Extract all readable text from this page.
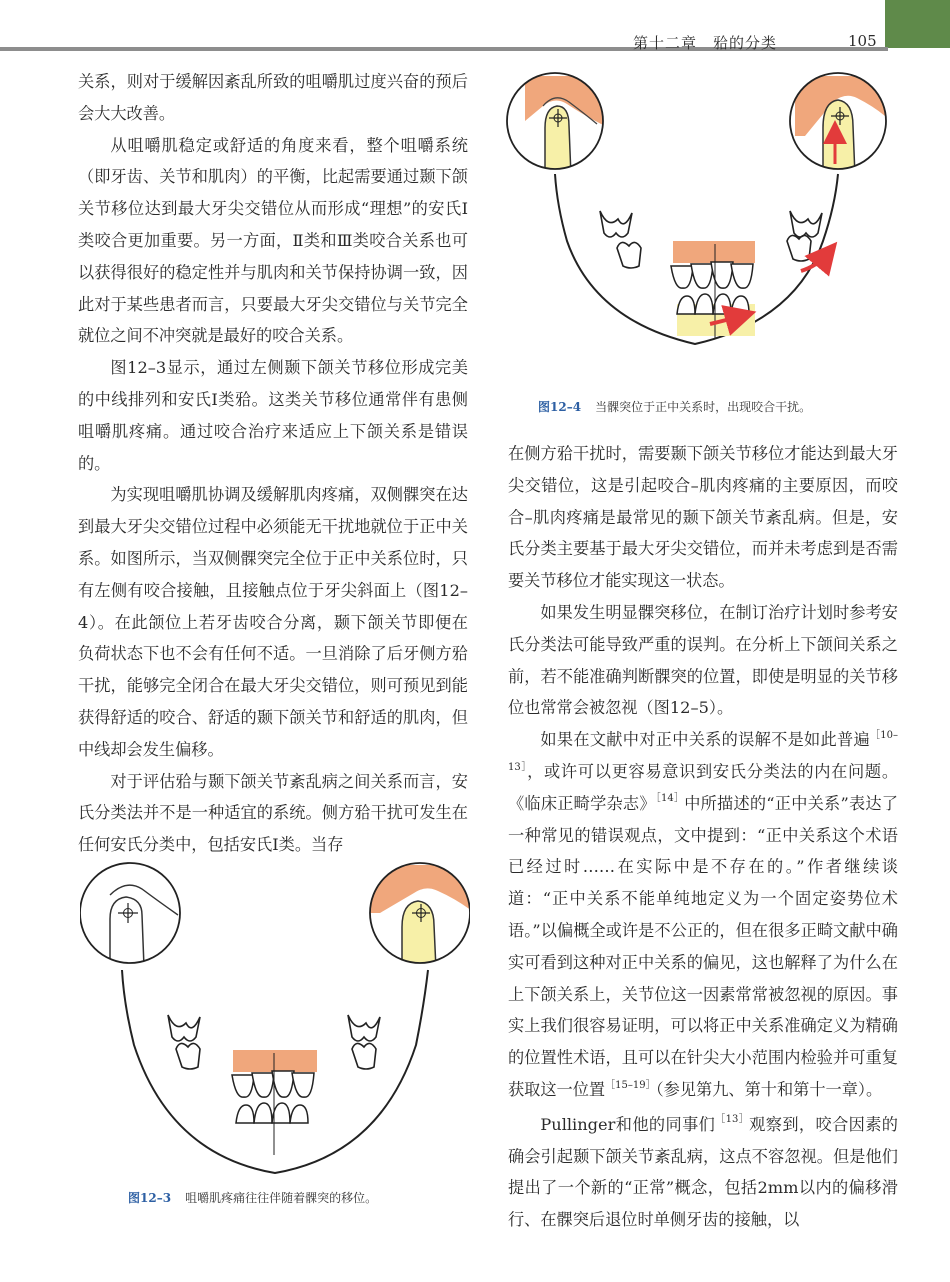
第十二章　𬌗的分类	105

关系，则对于缓解因紊乱所致的咀嚼肌过度兴奋的预后会大大改善。

从咀嚼肌稳定或舒适的角度来看，整个咀嚼系统（即牙齿、关节和肌肉）的平衡，比起需要通过颞下颌关节移位达到最大牙尖交错位从而形成“理想”的安氏Ⅰ类咬合更加重要。另一方面，Ⅱ类和Ⅲ类咬合关系也可以获得很好的稳定性并与肌肉和关节保持协调一致，因此对于某些患者而言，只要最大牙尖交错位与关节完全就位之间不冲突就是最好的咬合关系。

图12–3显示，通过左侧颞下颌关节移位形成完美的中线排列和安氏Ⅰ类𬌗。这类关节移位通常伴有患侧咀嚼肌疼痛。通过咬合治疗来适应上下颌关系是错误的。

为实现咀嚼肌协调及缓解肌肉疼痛，双侧髁突在达到最大牙尖交错位过程中必须能无干扰地就位于正中关系。如图所示，当双侧髁突完全位于正中关系位时，只有左侧有咬合接触，且接触点位于牙尖斜面上（图12–4）。在此颌位上若牙齿咬合分离，颞下颌关节即便在负荷状态下也不会有任何不适。一旦消除了后牙侧方𬌗干扰，能够完全闭合在最大牙尖交错位，则可预见到能获得舒适的咬合、舒适的颞下颌关节和舒适的肌肉，但中线却会发生偏移。

对于评估𬌗与颞下颌关节紊乱病之间关系而言，安氏分类法并不是一种适宜的系统。侧方𬌗干扰可发生在任何安氏分类中，包括安氏Ⅰ类。当存

图12–4 当髁突位于正中关系时，出现咬合干扰。

在侧方𬌗干扰时，需要颞下颌关节移位才能达到最大牙尖交错位，这是引起咬合–肌肉疼痛的主要原因，而咬合–肌肉疼痛是最常见的颞下颌关节紊乱病。但是，安氏分类主要基于最大牙尖交错位，而并未考虑到是否需要关节移位才能实现这一状态。

如果发生明显髁突移位，在制订治疗计划时参考安氏分类法可能导致严重的误判。在分析上下颌间关系之前，若不能准确判断髁突的位置，即使是明显的关节移位也常常会被忽视（图12–5）。

如果在文献中对正中关系的误解不是如此普遍$^{[10-13]}$，或许可以更容易意识到安氏分类法的内在问题。《临床正畸学杂志》$^{[14]}$中所描述的“正中关系”表达了一种常见的错误观点，文中提到：“正中关系这个术语已经过时……在实际中是不存在的。”作者继续谈道：“正中关系不能单纯地定义为一个固定姿势位术语。”以偏概全或许是不公正的，但在很多正畸文献中确实可看到这种对正中关系的偏见，这也解释了为什么在上下颌关系上，关节位这一因素常常被忽视的原因。事实上我们很容易证明，可以将正中关系准确定义为精确的位置性术语，且可以在针尖大小范围内检验并可重复获取这一位置$^{[15-19]}$（参见第九、第十和第十一章）。

Pullinger和他的同事们$^{[13]}$观察到，咬合因素的确会引起颞下颌关节紊乱病，这点不容忽视。但是他们提出了一个新的“正常”概念，包括2mm以内的偏移滑行、在髁突后退位时单侧牙齿的接触，以

图12–3 咀嚼肌疼痛往往伴随着髁突的移位。
